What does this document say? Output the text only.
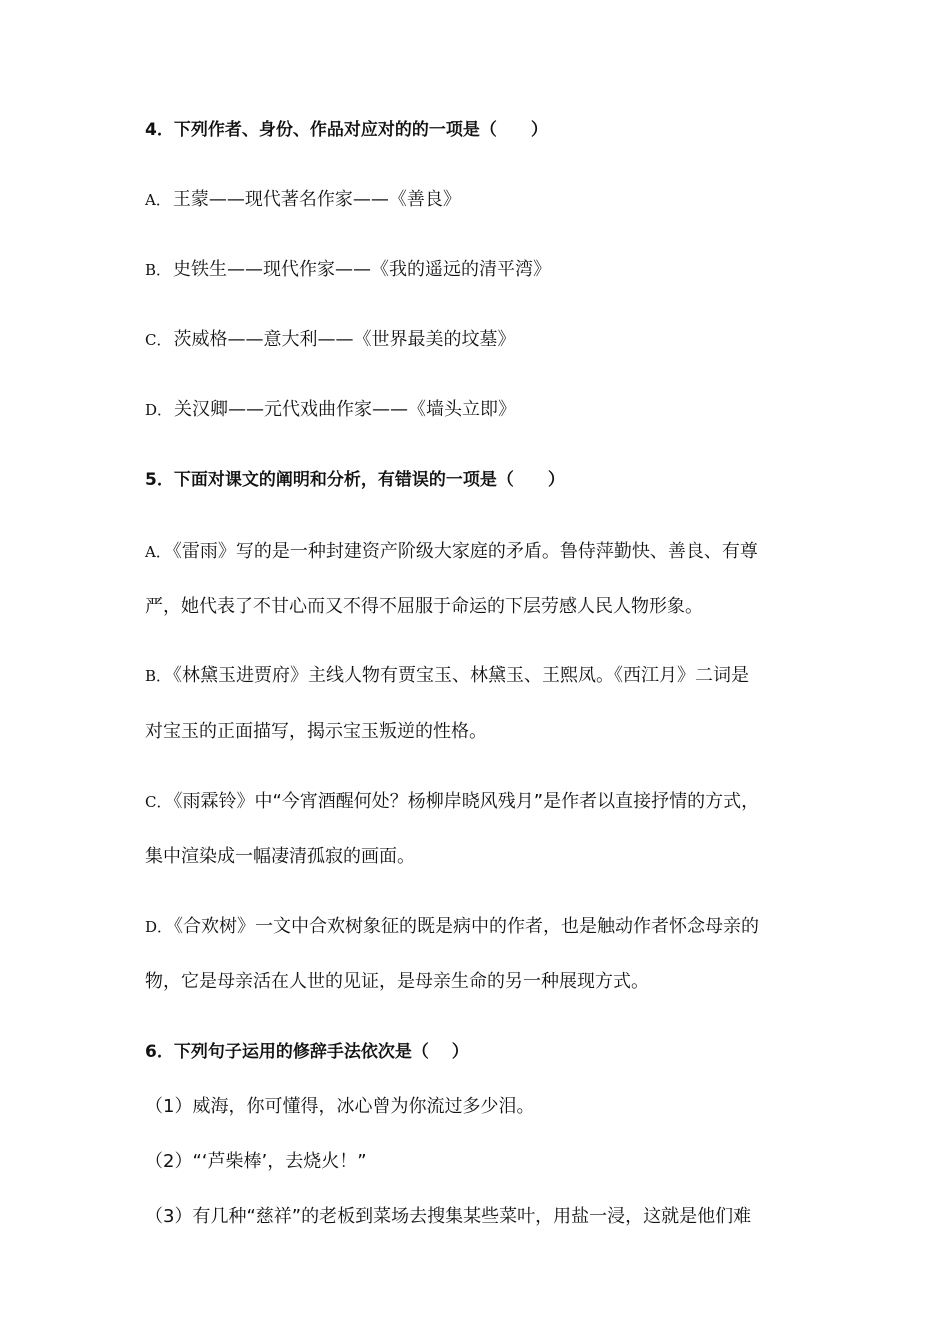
4．下列作者、身份、作品对应对的的一项是（　　）
A． 王蒙——现代著名作家——《善良》
B． 史铁生——现代作家——《我的遥远的清平湾》
C． 茨威格——意大利——《世界最美的坟墓》
D． 关汉卿——元代戏曲作家——《墙头立即》
5．下面对课文的阐明和分析，有错误的一项是（　　）
A． 《雷雨》写的是一种封建资产阶级大家庭的矛盾。鲁侍萍勤快、善良、有尊
严，她代表了不甘心而又不得不屈服于命运的下层劳感人民人物形象。
B． 《林黛玉进贾府》主线人物有贾宝玉、林黛玉、王熙凤。《西江月》二词是
对宝玉的正面描写，揭示宝玉叛逆的性格。
C． 《雨霖铃》中“今宵酒醒何处？杨柳岸晓风残月”是作者以直接抒情的方式，
集中渲染成一幅凄清孤寂的画面。
D． 《合欢树》一文中合欢树象征的既是病中的作者，也是触动作者怀念母亲的
物，它是母亲活在人世的见证，是母亲生命的另一种展现方式。
6．下列句子运用的修辞手法依次是（　 ）
（1）威海，你可懂得，冰心曾为你流过多少泪。
（2）“‘芦柴棒’，去烧火！”
（3）有几种“慈祥”的老板到菜场去搜集某些菜叶，用盐一浸，这就是他们难
